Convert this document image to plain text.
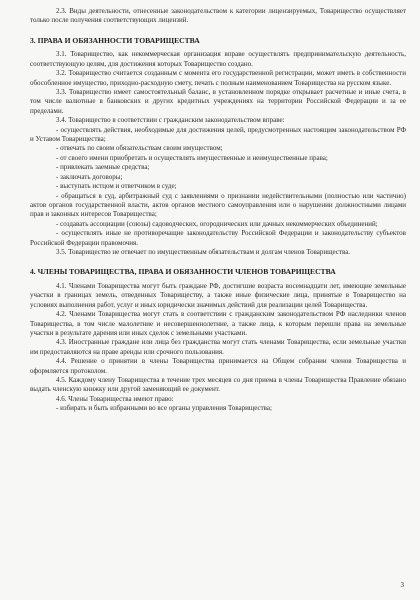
2.3. Виды деятельности, отнесенные законодательством к категории лицензируемых, Товарищество осуществляет только после получения соответствующих лицензий.

3. ПРАВА И ОБЯЗАННОСТИ ТОВАРИЩЕСТВА

3.1. Товарищество, как некоммерческая организация вправе осуществлять предпринимательскую деятельность, соответствующую целям, для достижения которых Товарищество создано.

3.2. Товарищество считается созданным с момента его государственной регистрации, может иметь в собственности обособленное имущество, приходно-расходную смету, печать с полным наименованием Товарищества на русском языке.

3.3. Товарищество имеет самостоятельный баланс, в установленном порядке открывает расчетные и иные счета, в том числе валютные в банковских и других кредитных учреждениях на территории Российской Федерации и за ее пределами.

3.4. Товарищество в соответствии с гражданским законодательством вправе:

- осуществлять действия, необходимые для достижения целей, предусмотренных настоящим законодательством РФ и Уставом Товарищества;

- отвечать по своим обязательствам своим имуществом;

- от своего имени приобретать и осуществлять имущественные и неимущественные права;

- привлекать заемные средства;

- заключать договоры;

- выступать истцом и ответчиком в суде;

- обращаться в суд, арбитражный суд с заявлениями о признании недействительными (полностью или частично) актов органов государственной власти, актов органов местного самоуправления или о нарушении должностными лицами прав и законных интересов Товарищества;

- создавать ассоциации (союзы) садоводческих, огороднических или дачных некоммерческих объединений;

- осуществлять иные не противоречащие законодательству Российской Федерации и законодательству субъектов Российской Федерации правомочия.

3.5. Товарищество не отвечает по имущественным обязательствам и долгам членов Товарищества.

4. ЧЛЕНЫ ТОВАРИЩЕСТВА, ПРАВА И ОБЯЗАННОСТИ ЧЛЕНОВ ТОВАРИЩЕСТВА

4.1. Членами Товарищества могут быть граждане РФ, достигшие возраста восемнадцати лет, имеющие земельные участки в границах земель, отведенных Товариществу, а также иные физические лица, принятые в Товарищество на условиях выполнения работ, услуг и иных юридически значимых действий для реализации целей Товарищества.

4.2. Членами Товарищества могут стать в соответствии с гражданским законодательством РФ наследники членов Товарищества, в том числе малолетние и несовершеннолетние, а также лица, к которым перешли права на земельные участки в результате дарения или иных сделок с земельными участками.

4.3. Иностранные граждане или лица без гражданства могут стать членами Товарищества, если земельные участки им предоставляются на праве аренды или срочного пользования.

4.4. Решение о принятии в члены Товарищества принимается на Общем собрании членов Товарищества и оформляется протоколом.

4.5. Каждому члену Товарищества в течение трех месяцев со дня приема в члены Товарищества Правление обязано выдать членскую книжку или другой заменяющий ее документ.

4.6. Члены Товарищества имеют право:

- избирать и быть избранными во все органы управления Товарищества;

3
